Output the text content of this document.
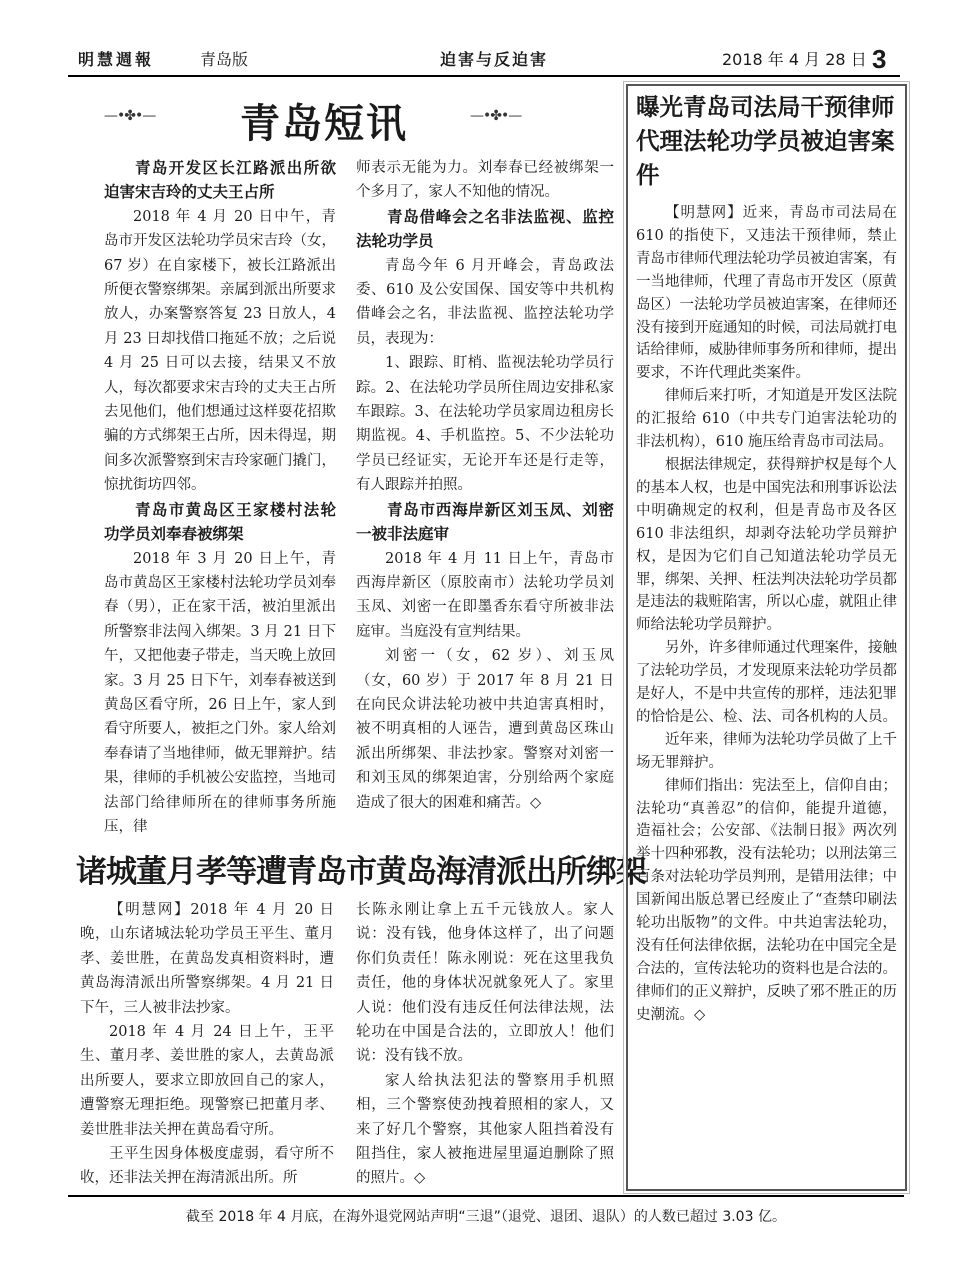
明慧週報	青岛版	迫害与反迫害	2018 年 4 月 28 日 3
—•✤•—	青岛短讯	—•✤•—

青岛开发区长江路派出所欲迫害宋吉玲的丈夫王占所

2018 年 4 月 20 日中午，青岛市开发区法轮功学员宋吉玲（女，67 岁）在自家楼下，被长江路派出所便衣警察绑架。亲属到派出所要求放人，办案警察答复 23 日放人，4 月 23 日却找借口拖延不放；之后说 4 月 25 日可以去接，结果又不放人，每次都要求宋吉玲的丈夫王占所去见他们，他们想通过这样耍花招欺骗的方式绑架王占所，因未得逞，期间多次派警察到宋吉玲家砸门撬门，惊扰街坊四邻。

青岛市黄岛区王家楼村法轮功学员刘奉春被绑架

2018 年 3 月 20 日上午，青岛市黄岛区王家楼村法轮功学员刘奉春（男），正在家干活，被泊里派出所警察非法闯入绑架。3 月 21 日下午，又把他妻子带走，当天晚上放回家。3 月 25 日下午，刘奉春被送到黄岛区看守所，26 日上午，家人到看守所要人，被拒之门外。家人给刘奉春请了当地律师，做无罪辩护。结果，律师的手机被公安监控，当地司法部门给律师所在的律师事务所施压，律

师表示无能为力。刘奉春已经被绑架一个多月了，家人不知他的情况。

青岛借峰会之名非法监视、监控法轮功学员

青岛今年 6 月开峰会，青岛政法委、610 及公安国保、国安等中共机构借峰会之名，非法监视、监控法轮功学员，表现为：

1、跟踪、盯梢、监视法轮功学员行踪。2、在法轮功学员所住周边安排私家车跟踪。3、在法轮功学员家周边租房长期监视。4、手机监控。5、不少法轮功学员已经证实，无论开车还是行走等，有人跟踪并拍照。

青岛市西海岸新区刘玉凤、刘密一被非法庭审

2018 年 4 月 11 日上午，青岛市西海岸新区（原胶南市）法轮功学员刘玉凤、刘密一在即墨香东看守所被非法庭审。当庭没有宣判结果。

刘密一（女，62 岁）、刘玉凤（女，60 岁）于 2017 年 8 月 21 日在向民众讲法轮功被中共迫害真相时，被不明真相的人诬告，遭到黄岛区珠山派出所绑架、非法抄家。警察对刘密一和刘玉凤的绑架迫害，分别给两个家庭造成了很大的困难和痛苦。◇

诸城董月孝等遭青岛市黄岛海清派出所绑架

【明慧网】2018 年 4 月 20 日晚，山东诸城法轮功学员王平生、董月孝、姜世胜，在黄岛发真相资料时，遭黄岛海清派出所警察绑架。4 月 21 日下午，三人被非法抄家。

2018 年 4 月 24 日上午，王平生、董月孝、姜世胜的家人，去黄岛派出所要人，要求立即放回自己的家人，遭警察无理拒绝。现警察已把董月孝、姜世胜非法关押在黄岛看守所。

王平生因身体极度虚弱，看守所不收，还非法关押在海清派出所。所

长陈永刚让拿上五千元钱放人。家人说：没有钱，他身体这样了，出了问题你们负责任！陈永刚说：死在这里我负责任，他的身体状况就象死人了。家里人说：他们没有违反任何法律法规，法轮功在中国是合法的，立即放人！他们说：没有钱不放。

家人给执法犯法的警察用手机照相，三个警察使劲拽着照相的家人，又来了好几个警察，其他家人阻挡着没有阻挡住，家人被拖进屋里逼迫删除了照的照片。◇

曝光青岛司法局干预律师代理法轮功学员被迫害案件

【明慧网】近来，青岛市司法局在 610 的指使下，又违法干预律师，禁止青岛市律师代理法轮功学员被迫害案，有一当地律师，代理了青岛市开发区（原黄岛区）一法轮功学员被迫害案，在律师还没有接到开庭通知的时候，司法局就打电话给律师，威胁律师事务所和律师，提出要求，不许代理此类案件。

律师后来打听，才知道是开发区法院的汇报给 610（中共专门迫害法轮功的非法机构），610 施压给青岛市司法局。

根据法律规定，获得辩护权是每个人的基本人权，也是中国宪法和刑事诉讼法中明确规定的权利，但是青岛市及各区 610 非法组织，却剥夺法轮功学员辩护权，是因为它们自己知道法轮功学员无罪，绑架、关押、枉法判决法轮功学员都是违法的栽赃陷害，所以心虚，就阻止律师给法轮功学员辩护。

另外，许多律师通过代理案件，接触了法轮功学员，才发现原来法轮功学员都是好人，不是中共宣传的那样，违法犯罪的恰恰是公、检、法、司各机构的人员。

近年来，律师为法轮功学员做了上千场无罪辩护。

律师们指出：宪法至上，信仰自由；法轮功“真善忍”的信仰，能提升道德，造福社会；公安部、《法制日报》两次列举十四种邪教，没有法轮功；以刑法第三百条对法轮功学员判刑，是错用法律；中国新闻出版总署已经废止了“查禁印刷法轮功出版物”的文件。中共迫害法轮功，没有任何法律依据，法轮功在中国完全是合法的，宣传法轮功的资料也是合法的。律师们的正义辩护，反映了邪不胜正的历史潮流。◇

截至 2018 年 4 月底，在海外退党网站声明“三退”（退党、退团、退队）的人数已超过 3.03 亿。
